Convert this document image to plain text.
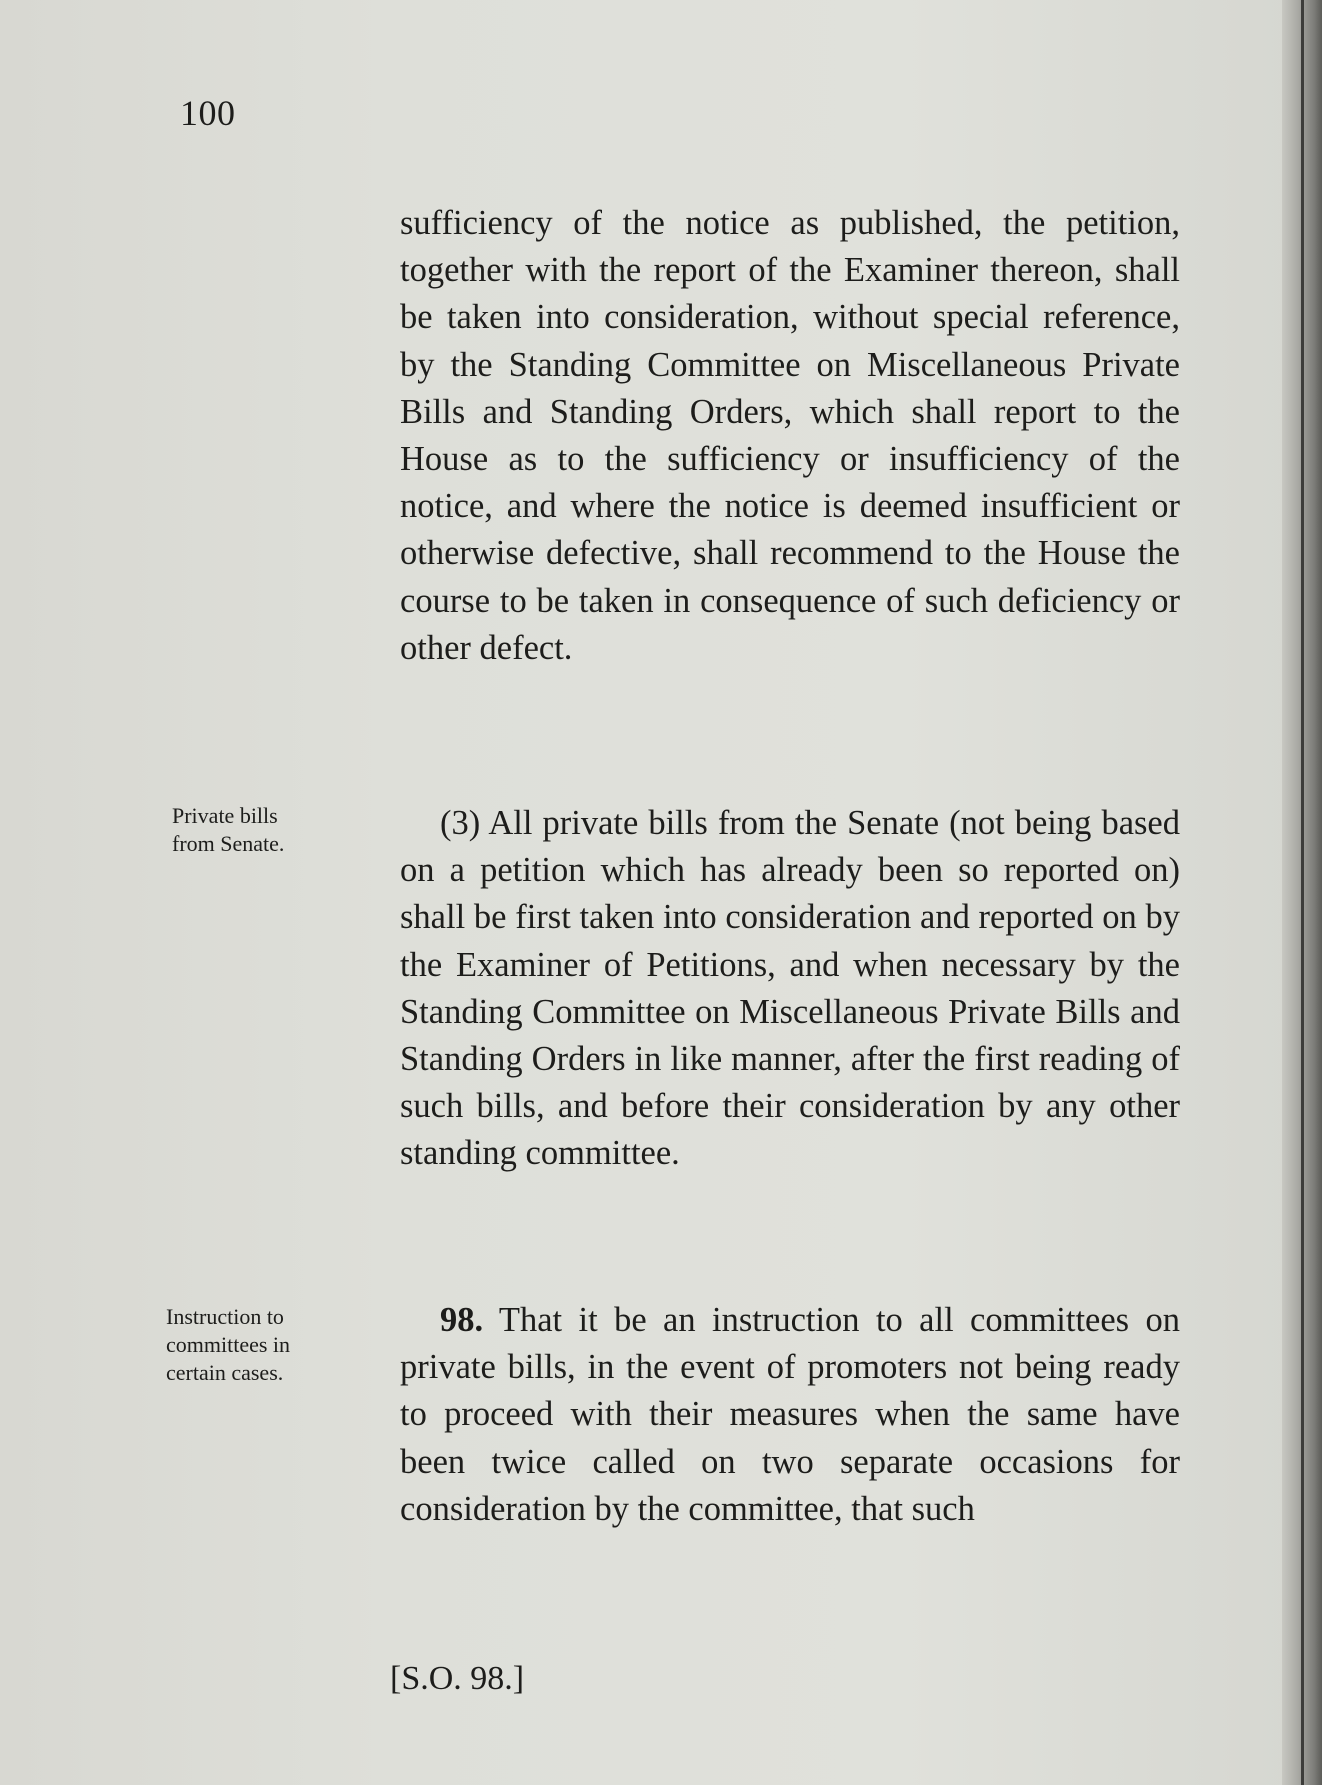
100

sufficiency of the notice as published, the petition, together with the report of the Examiner thereon, shall be taken into consideration, without special reference, by the Standing Committee on Miscellaneous Private Bills and Standing Orders, which shall report to the House as to the sufficiency or insufficiency of the notice, and where the notice is deemed insufficient or otherwise defective, shall recommend to the House the course to be taken in consequence of such deficiency or other defect.

Private bills
from Senate.

(3) All private bills from the Senate (not being based on a petition which has already been so reported on) shall be first taken into consideration and reported on by the Examiner of Petitions, and when necessary by the Standing Committee on Miscellaneous Private Bills and Standing Orders in like manner, after the first reading of such bills, and before their consideration by any other standing committee.

Instruction to
committees in
certain cases.

98. That it be an instruction to all committees on private bills, in the event of promoters not being ready to proceed with their measures when the same have been twice called on two separate occasions for consideration by the committee, that such

[S.O. 98.]
